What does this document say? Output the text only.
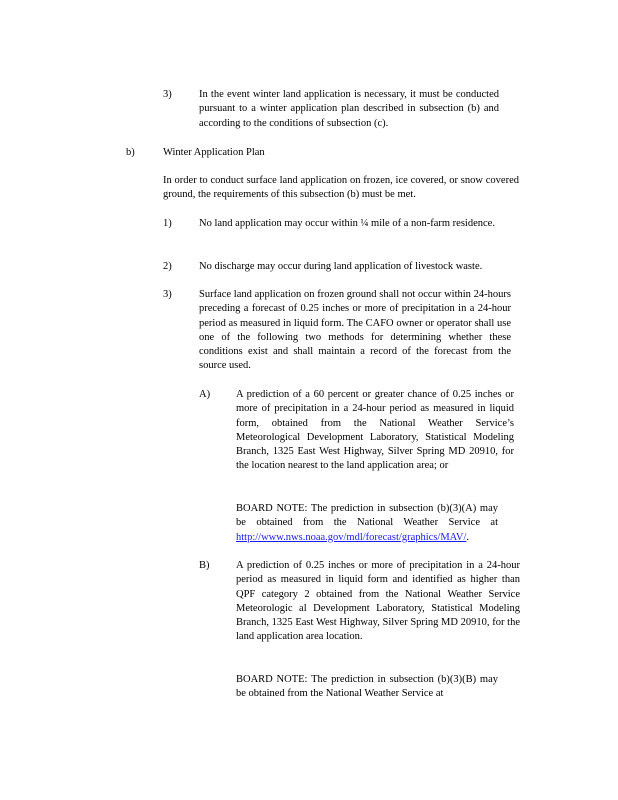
3)	In the event winter land application is necessary, it must be conducted pursuant to a winter application plan described in subsection (b) and according to the conditions of subsection (c).
b)	Winter Application Plan
In order to conduct surface land application on frozen, ice covered, or snow covered ground, the requirements of this subsection (b) must be met.
1)	No land application may occur within ¼ mile of a non-farm residence.
2)	No discharge may occur during land application of livestock waste.
3)	Surface land application on frozen ground shall not occur within 24-hours preceding a forecast of 0.25 inches or more of precipitation in a 24-hour period as measured in liquid form. The CAFO owner or operator shall use one of the following two methods for determining whether these conditions exist and shall maintain a record of the forecast from the source used.
A) A prediction of a 60 percent or greater chance of 0.25 inches or more of precipitation in a 24-hour period as measured in liquid form, obtained from the National Weather Service’s Meteorological Development Laboratory, Statistical Modeling Branch, 1325 East West Highway, Silver Spring MD 20910, for the location nearest to the land application area; or
BOARD NOTE: The prediction in subsection (b)(3)(A) may be obtained from the National Weather Service at http://www.nws.noaa.gov/mdl/forecast/graphics/MAV/.
B)	A prediction of 0.25 inches or more of precipitation in a 24-hour period as measured in liquid form and identified as higher than QPF category 2 obtained from the National Weather Service Meteorologic al Development Laboratory, Statistical Modeling Branch, 1325 East West Highway, Silver Spring MD 20910, for the land application area location.
BOARD NOTE: The prediction in subsection (b)(3)(B) may be obtained from the National Weather Service at
